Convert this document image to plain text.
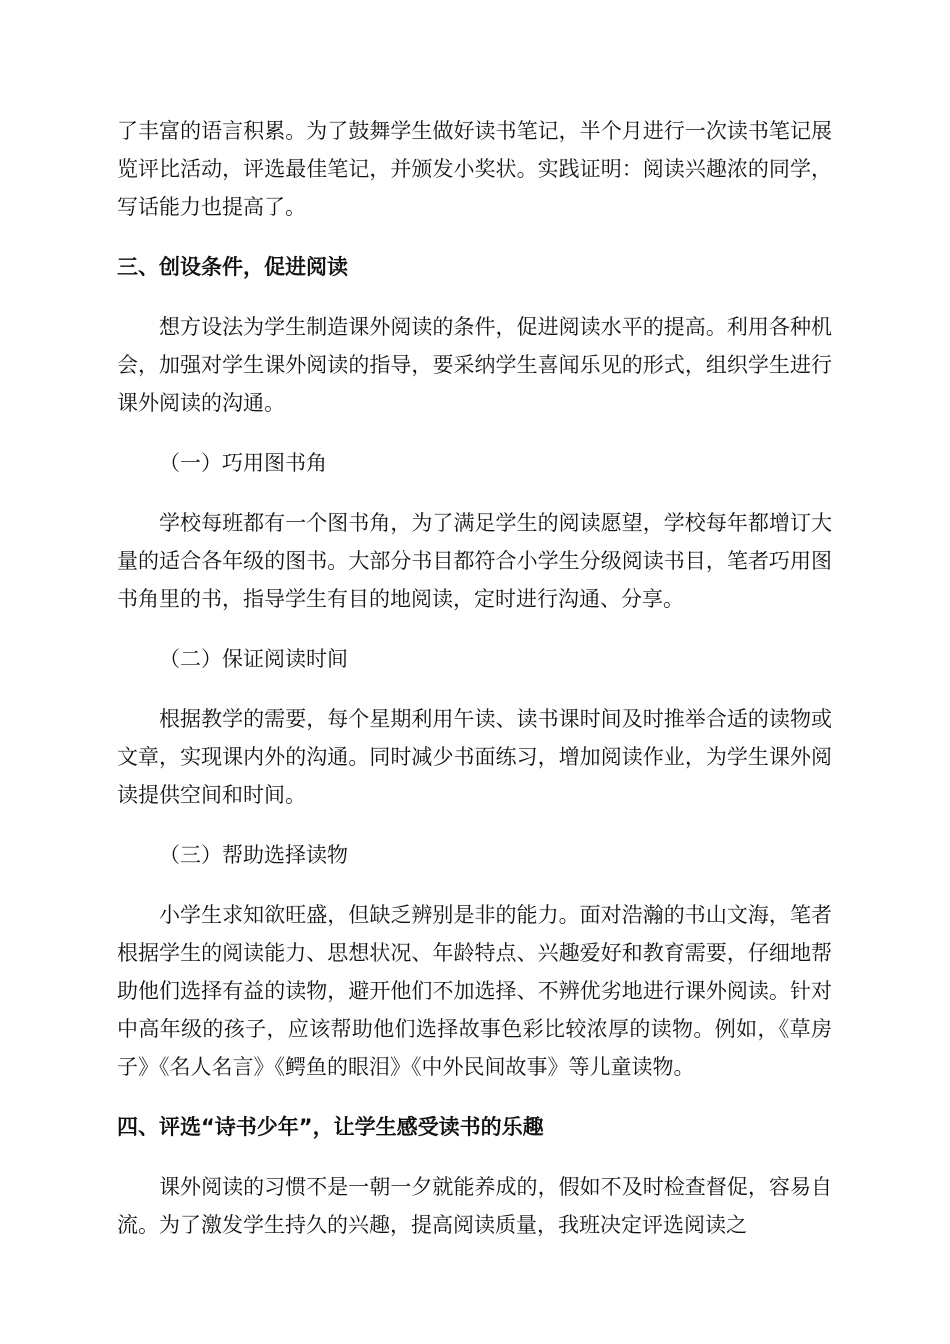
了丰富的语言积累。为了鼓舞学生做好读书笔记，半个月进行一次读书笔记展览评比活动，评选最佳笔记，并颁发小奖状。实践证明：阅读兴趣浓的同学，写话能力也提高了。

三、创设条件，促进阅读

想方设法为学生制造课外阅读的条件，促进阅读水平的提高。利用各种机会，加强对学生课外阅读的指导，要采纳学生喜闻乐见的形式，组织学生进行课外阅读的沟通。

（一）巧用图书角

学校每班都有一个图书角，为了满足学生的阅读愿望，学校每年都增订大量的适合各年级的图书。大部分书目都符合小学生分级阅读书目，笔者巧用图书角里的书，指导学生有目的地阅读，定时进行沟通、分享。

（二）保证阅读时间

根据教学的需要，每个星期利用午读、读书课时间及时推举合适的读物或文章，实现课内外的沟通。同时减少书面练习，增加阅读作业，为学生课外阅读提供空间和时间。

（三）帮助选择读物

小学生求知欲旺盛，但缺乏辨别是非的能力。面对浩瀚的书山文海，笔者根据学生的阅读能力、思想状况、年龄特点、兴趣爱好和教育需要，仔细地帮助他们选择有益的读物，避开他们不加选择、不辨优劣地进行课外阅读。针对中高年级的孩子，应该帮助他们选择故事色彩比较浓厚的读物。例如，《草房子》《名人名言》《鳄鱼的眼泪》《中外民间故事》等儿童读物。

四、评选“诗书少年”，让学生感受读书的乐趣

课外阅读的习惯不是一朝一夕就能养成的，假如不及时检查督促，容易自流。为了激发学生持久的兴趣，提高阅读质量，我班决定评选阅读之
